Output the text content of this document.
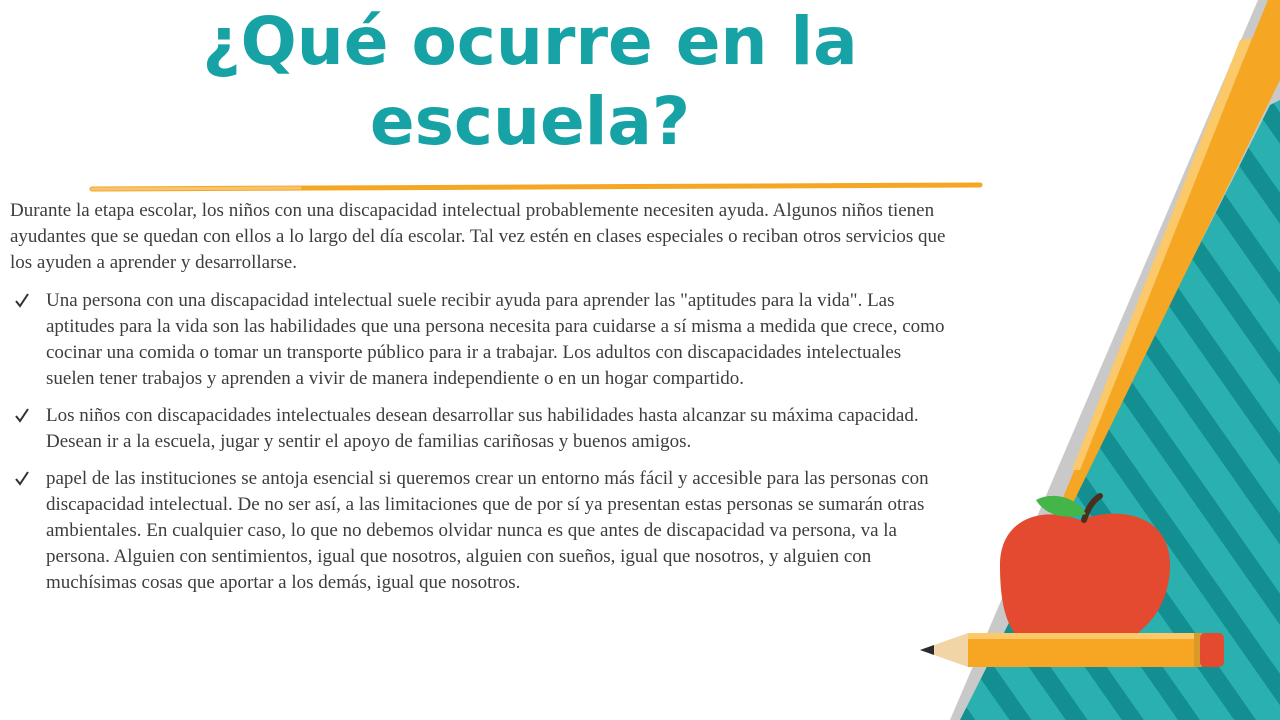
¿Qué ocurre en la escuela?

Durante la etapa escolar, los niños con una discapacidad intelectual probablemente necesiten ayuda. Algunos niños tienen ayudantes que se quedan con ellos a lo largo del día escolar. Tal vez estén en clases especiales o reciban otros servicios que los ayuden a aprender y desarrollarse.

Una persona con una discapacidad intelectual suele recibir ayuda para aprender las "aptitudes para la vida". Las aptitudes para la vida son las habilidades que una persona necesita para cuidarse a sí misma a medida que crece, como cocinar una comida o tomar un transporte público para ir a trabajar. Los adultos con discapacidades intelectuales suelen tener trabajos y aprenden a vivir de manera independiente o en un hogar compartido.
Los niños con discapacidades intelectuales desean desarrollar sus habilidades hasta alcanzar su máxima capacidad. Desean ir a la escuela, jugar y sentir el apoyo de familias cariñosas y buenos amigos.
papel de las instituciones se antoja esencial si queremos crear un entorno más fácil y accesible para las personas con discapacidad intelectual. De no ser así, a las limitaciones que de por sí ya presentan estas personas se sumarán otras ambientales. En cualquier caso, lo que no debemos olvidar nunca es que antes de discapacidad va persona, va la persona. Alguien con sentimientos, igual que nosotros, alguien con sueños, igual que nosotros, y alguien con muchísimas cosas que aportar a los demás, igual que nosotros.
